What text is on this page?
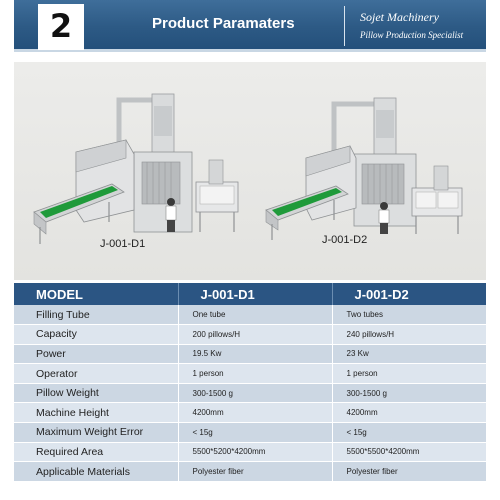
2	Product Paramaters	Sojet Machinery
Pillow Production Specialist
J-001-D1	J-001-D2
MODEL	J-001-D1	J-001-D2
Filling Tube	One tube	Two tubes
Capacity	200 pillows/H	240 pillows/H
Power	19.5 Kw	23 Kw
Operator	1 person	1 person
Pillow Weight	300-1500 g	300-1500 g
Machine Height	4200mm	4200mm
Maximum Weight Error	< 15g	< 15g
Required Area	5500*5200*4200mm	5500*5500*4200mm
Applicable Materials	Polyester fiber	Polyester fiber
